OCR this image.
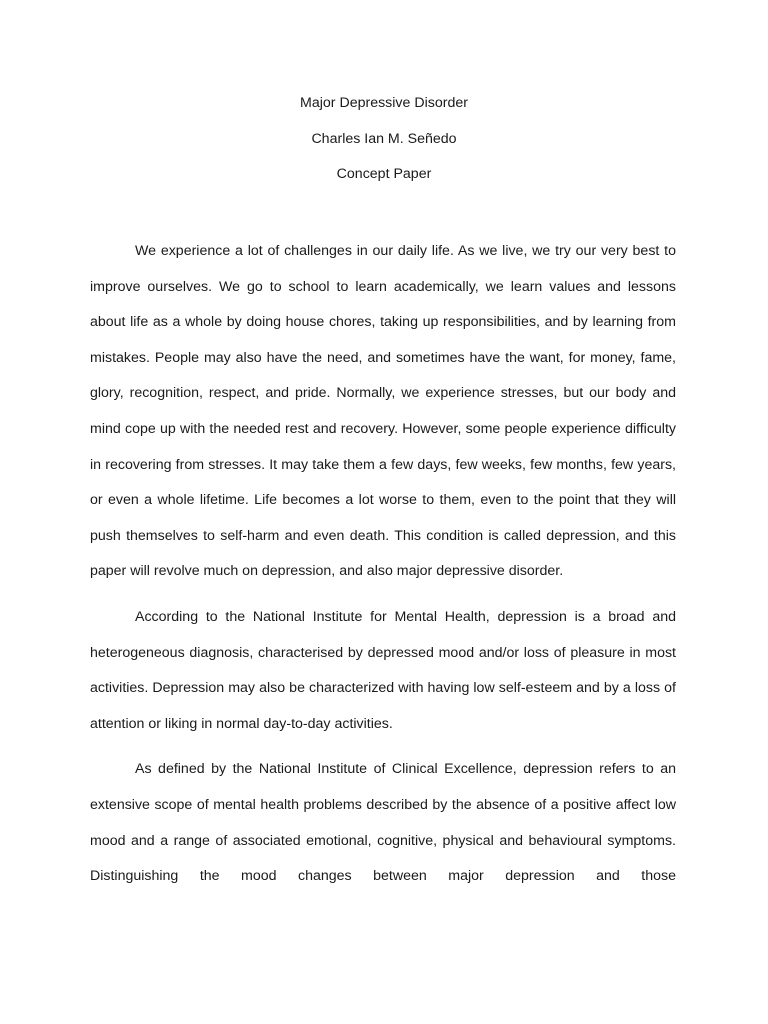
Major Depressive Disorder
Charles Ian M. Señedo
Concept Paper

We experience a lot of challenges in our daily life. As we live, we try our very best to improve ourselves. We go to school to learn academically, we learn values and lessons about life as a whole by doing house chores, taking up responsibilities, and by learning from mistakes. People may also have the need, and sometimes have the want, for money, fame, glory, recognition, respect, and pride. Normally, we experience stresses, but our body and mind cope up with the needed rest and recovery. However, some people experience difficulty in recovering from stresses. It may take them a few days, few weeks, few months, few years, or even a whole lifetime. Life becomes a lot worse to them, even to the point that they will push themselves to self-harm and even death. This condition is called depression, and this paper will revolve much on depression, and also major depressive disorder.

According to the National Institute for Mental Health, depression is a broad and heterogeneous diagnosis, characterised by depressed mood and/or loss of pleasure in most activities. Depression may also be characterized with having low self-esteem and by a loss of attention or liking in normal day-to-day activities.

As defined by the National Institute of Clinical Excellence, depression refers to an extensive scope of mental health problems described by the absence of a positive affect low mood and a range of associated emotional, cognitive, physical and behavioural symptoms. Distinguishing the mood changes between major depression and those
